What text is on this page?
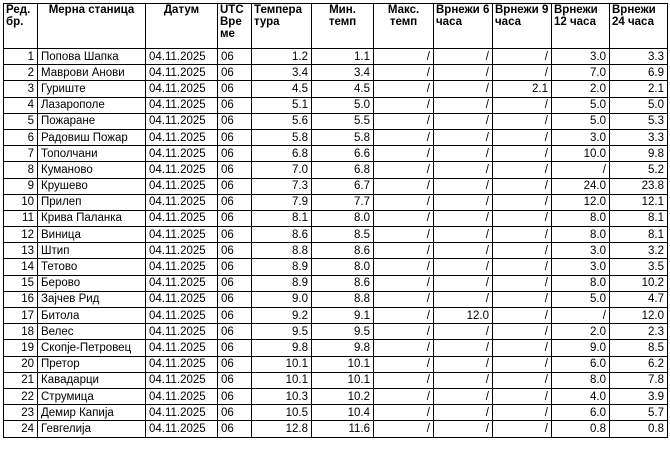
Ред. бр.	Мерна станица	Датум	UTC Вре ме	Темпера тура	Мин. темп	Макс. темп	Врнежи 6 часа	Врнежи 9 часа	Врнежи 12 часа	Врнежи 24 часа
1	Попова Шапка	04.11.2025	06	1.2	1.1	/	/	/	3.0	3.3
2	Маврови Анови	04.11.2025	06	3.4	3.4	/	/	/	7.0	6.9
3	Гуриште	04.11.2025	06	4.5	4.5	/	/	2.1	2.0	2.1
4	Лазарополе	04.11.2025	06	5.1	5.0	/	/	/	5.0	5.0
5	Пожаране	04.11.2025	06	5.6	5.5	/	/	/	5.0	5.3
6	Радовиш Пожар	04.11.2025	06	5.8	5.8	/	/	/	3.0	3.3
7	Тополчани	04.11.2025	06	6.8	6.6	/	/	/	10.0	9.8
8	Куманово	04.11.2025	06	7.0	6.8	/	/	/	/	5.2
9	Крушево	04.11.2025	06	7.3	6.7	/	/	/	24.0	23.8
10	Прилеп	04.11.2025	06	7.9	7.7	/	/	/	12.0	12.1
11	Крива Паланка	04.11.2025	06	8.1	8.0	/	/	/	8.0	8.1
12	Виница	04.11.2025	06	8.6	8.5	/	/	/	8.0	8.1
13	Штип	04.11.2025	06	8.8	8.6	/	/	/	3.0	3.2
14	Тетово	04.11.2025	06	8.9	8.0	/	/	/	3.0	3.5
15	Берово	04.11.2025	06	8.9	8.6	/	/	/	8.0	10.2
16	Зајчев Рид	04.11.2025	06	9.0	8.8	/	/	/	5.0	4.7
17	Битола	04.11.2025	06	9.2	9.1	/	12.0	/	/	12.0
18	Велес	04.11.2025	06	9.5	9.5	/	/	/	2.0	2.3
19	Скопје-Петровец	04.11.2025	06	9.8	9.8	/	/	/	9.0	8.5
20	Претор	04.11.2025	06	10.1	10.1	/	/	/	6.0	6.2
21	Кавадарци	04.11.2025	06	10.1	10.1	/	/	/	8.0	7.8
22	Струмица	04.11.2025	06	10.3	10.2	/	/	/	4.0	3.9
23	Демир Капија	04.11.2025	06	10.5	10.4	/	/	/	6.0	5.7
24	Гевгелија	04.11.2025	06	12.8	11.6	/	/	/	0.8	0.8
